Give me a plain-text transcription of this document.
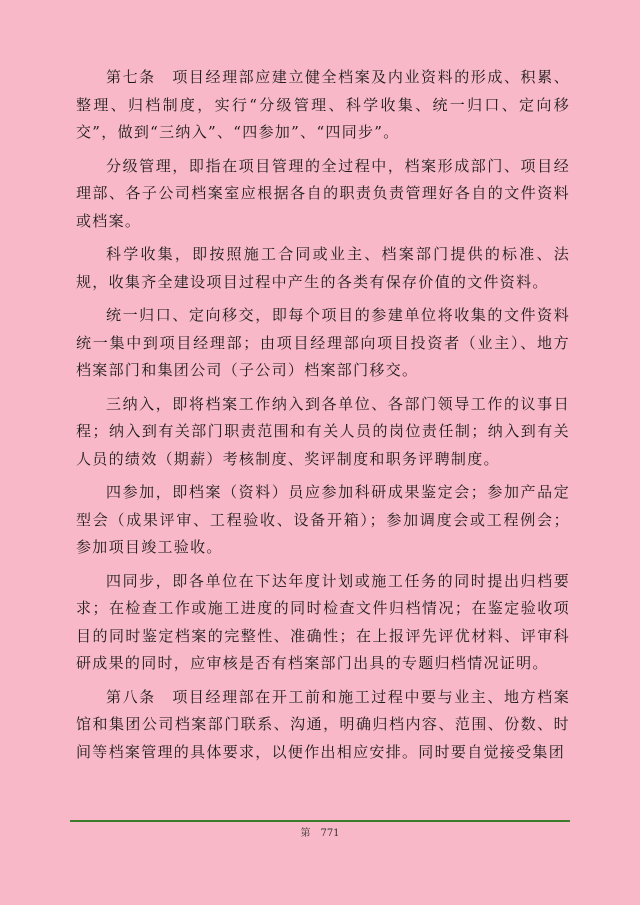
第七条　项目经理部应建立健全档案及内业资料的形成、积累、整理、归档制度，实行“分级管理、科学收集、统一归口、定向移交”，做到“三纳入”、“四参加”、“四同步”。

分级管理，即指在项目管理的全过程中，档案形成部门、项目经理部、各子公司档案室应根据各自的职责负责管理好各自的文件资料或档案。

科学收集，即按照施工合同或业主、档案部门提供的标准、法规，收集齐全建设项目过程中产生的各类有保存价值的文件资料。

统一归口、定向移交，即每个项目的参建单位将收集的文件资料统一集中到项目经理部；由项目经理部向项目投资者（业主）、地方档案部门和集团公司（子公司）档案部门移交。

三纳入，即将档案工作纳入到各单位、各部门领导工作的议事日程；纳入到有关部门职责范围和有关人员的岗位责任制；纳入到有关人员的绩效（期薪）考核制度、奖评制度和职务评聘制度。

四参加，即档案（资料）员应参加科研成果鉴定会；参加产品定型会（成果评审、工程验收、设备开箱）；参加调度会或工程例会；参加项目竣工验收。

四同步，即各单位在下达年度计划或施工任务的同时提出归档要求；在检查工作或施工进度的同时检查文件归档情况；在鉴定验收项目的同时鉴定档案的完整性、准确性；在上报评先评优材料、评审科研成果的同时，应审核是否有档案部门出具的专题归档情况证明。

第八条　项目经理部在开工前和施工过程中要与业主、地方档案馆和集团公司档案部门联系、沟通，明确归档内容、范围、份数、时间等档案管理的具体要求，以便作出相应安排。同时要自觉接受集团

第　771
